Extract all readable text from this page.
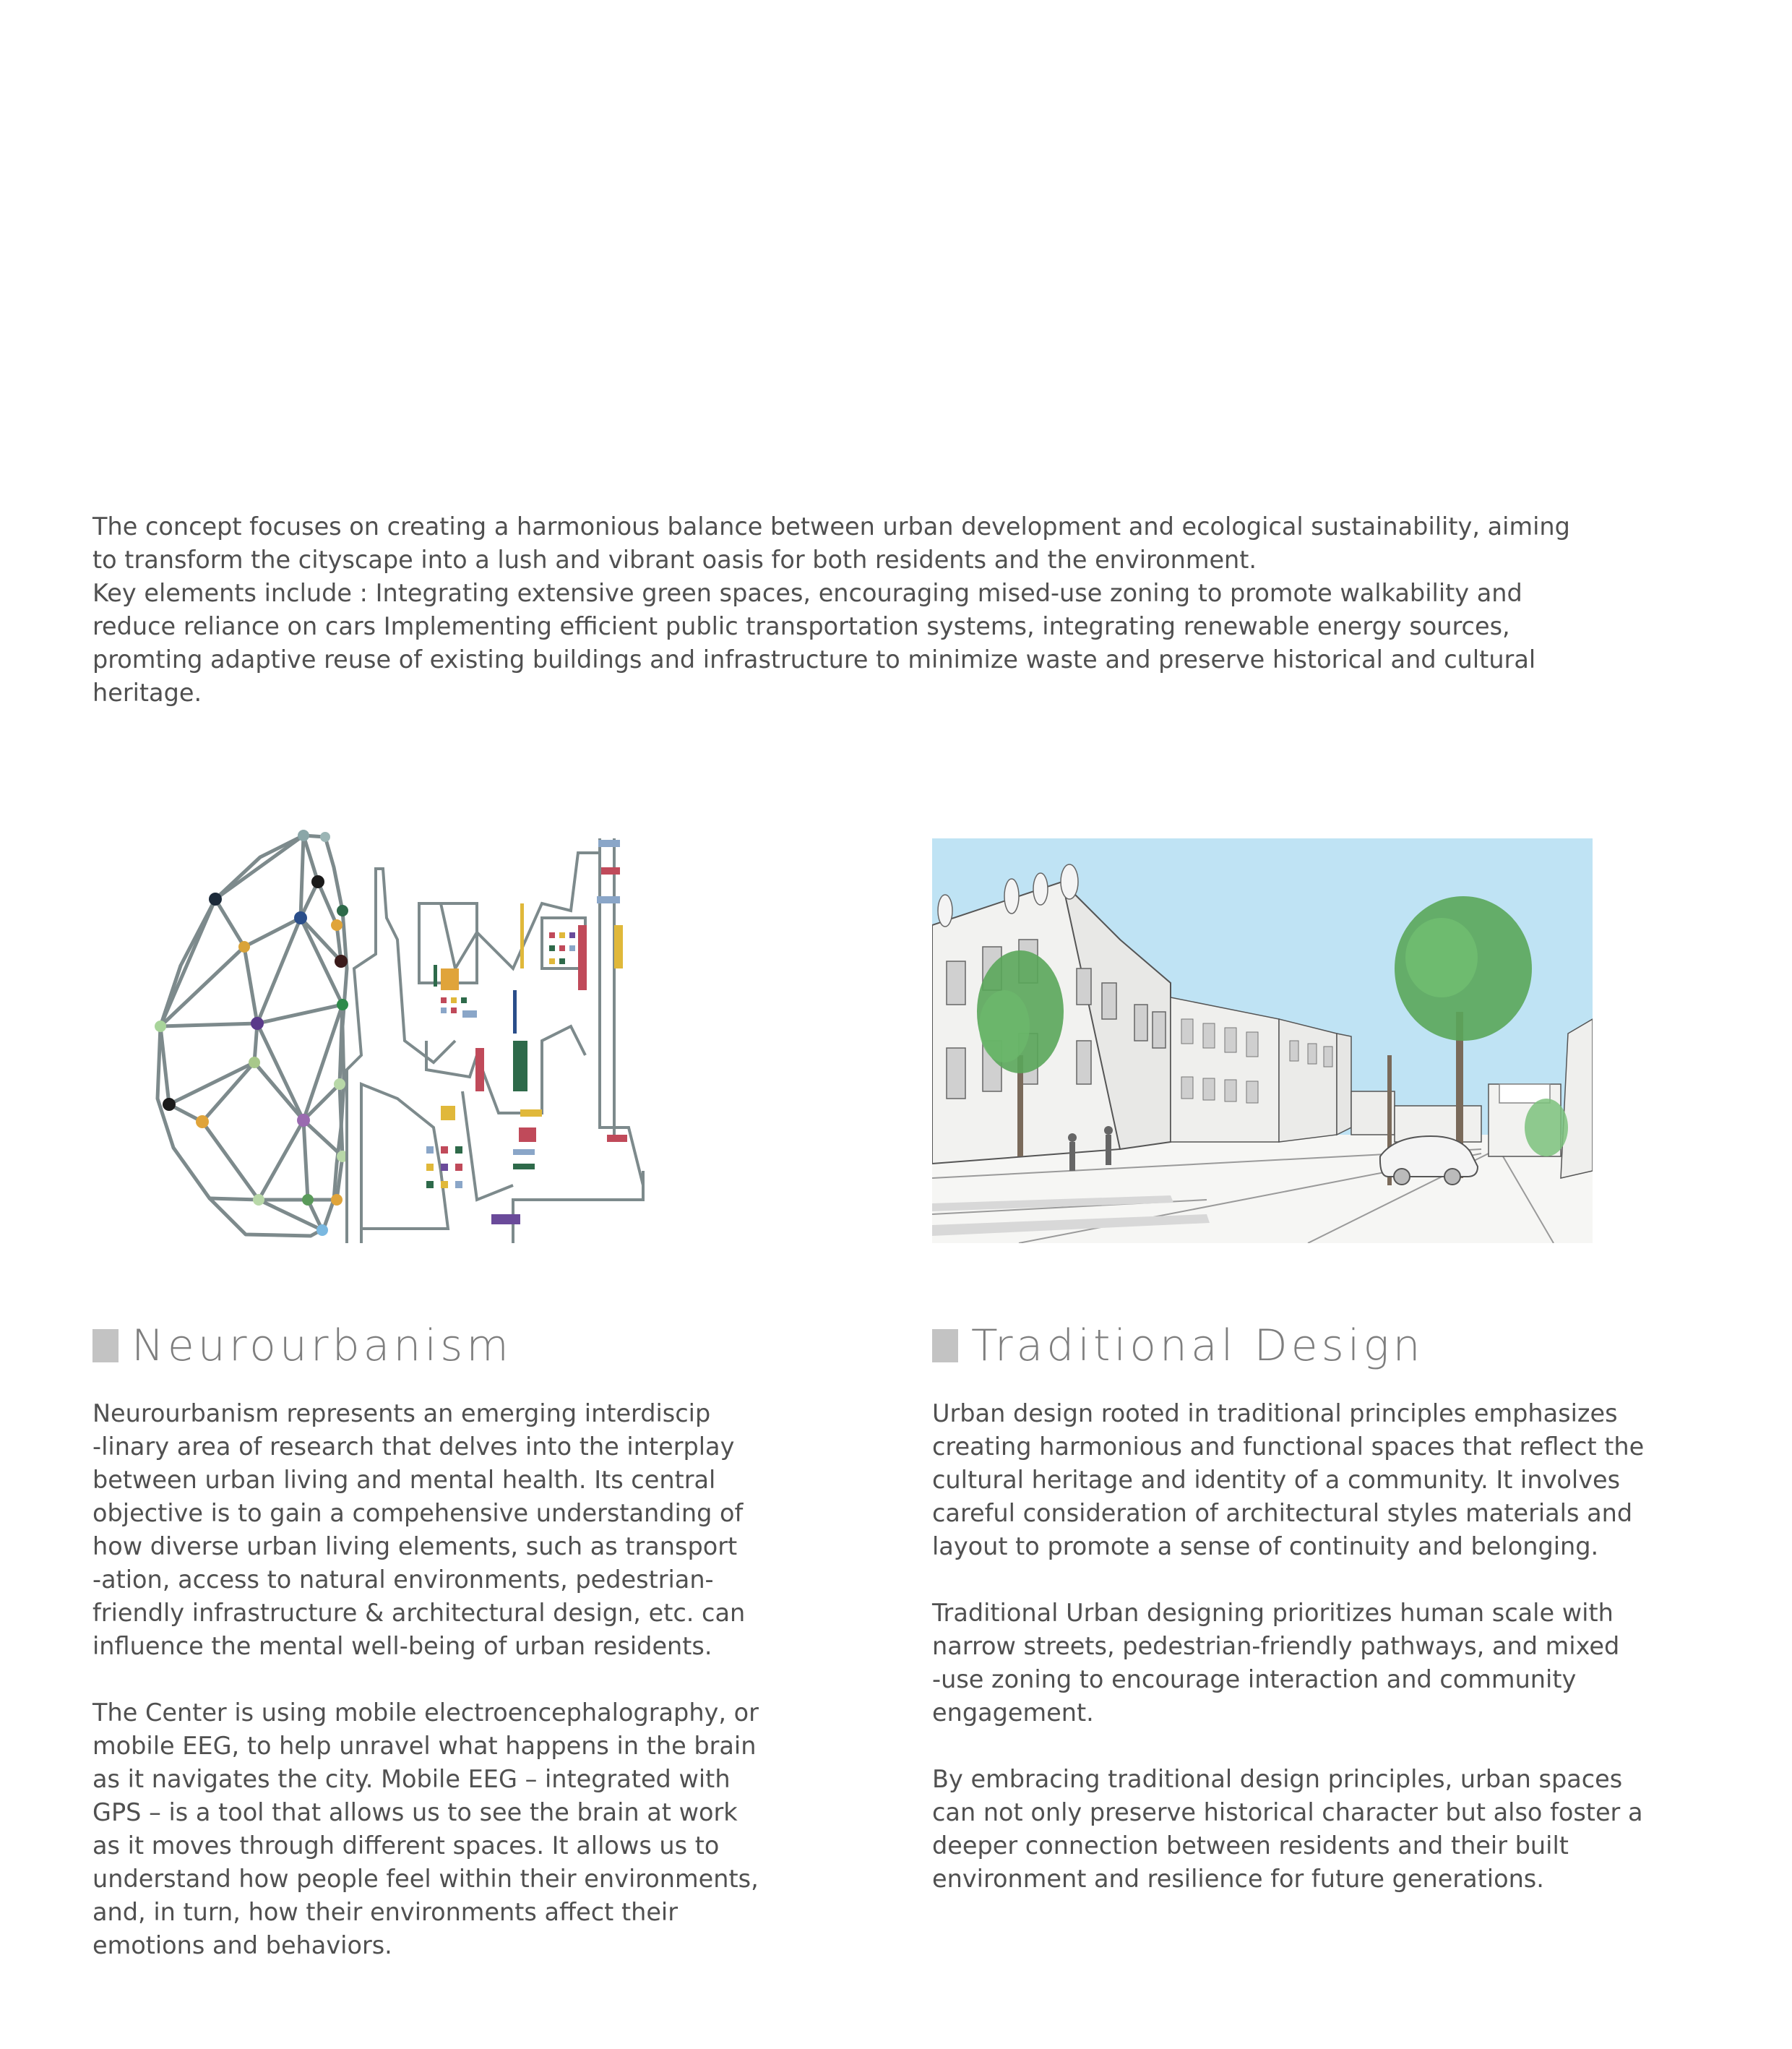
The concept focuses on creating a harmonious balance between urban development and ecological sustainability, aiming
to transform the cityscape into a lush and vibrant oasis for both residents and the environment.
Key elements include : Integrating extensive green spaces, encouraging mised-use zoning to promote walkability and
reduce reliance on cars Implementing efficient public transportation systems, integrating renewable energy sources,
promting adaptive reuse of existing buildings and infrastructure to minimize waste and preserve historical and cultural
heritage.
Neurourbanism	Traditional Design
Neurourbanism represents an emerging interdiscip
-linary area of research that delves into the interplay
between urban living and mental health. Its central
objective is to gain a compehensive understanding of
how diverse urban living elements, such as transport
-ation, access to natural environments, pedestrian-
friendly infrastructure & architectural design, etc. can
influence the mental well-being of urban residents.
The Center is using mobile electroencephalography, or
mobile EEG, to help unravel what happens in the brain
as it navigates the city. Mobile EEG – integrated with
GPS – is a tool that allows us to see the brain at work
as it moves through different spaces. It allows us to
understand how people feel within their environments,
and, in turn, how their environments affect their
emotions and behaviors.
Urban design rooted in traditional principles emphasizes
creating harmonious and functional spaces that reflect the
cultural heritage and identity of a community. It involves
careful consideration of architectural styles materials and
layout to promote a sense of continuity and belonging.
Traditional Urban designing prioritizes human scale with
narrow streets, pedestrian-friendly pathways, and mixed
-use zoning to encourage interaction and community
engagement.
By embracing traditional design principles, urban spaces
can not only preserve historical character but also foster a
deeper connection between residents and their built
environment and resilience for future generations.
